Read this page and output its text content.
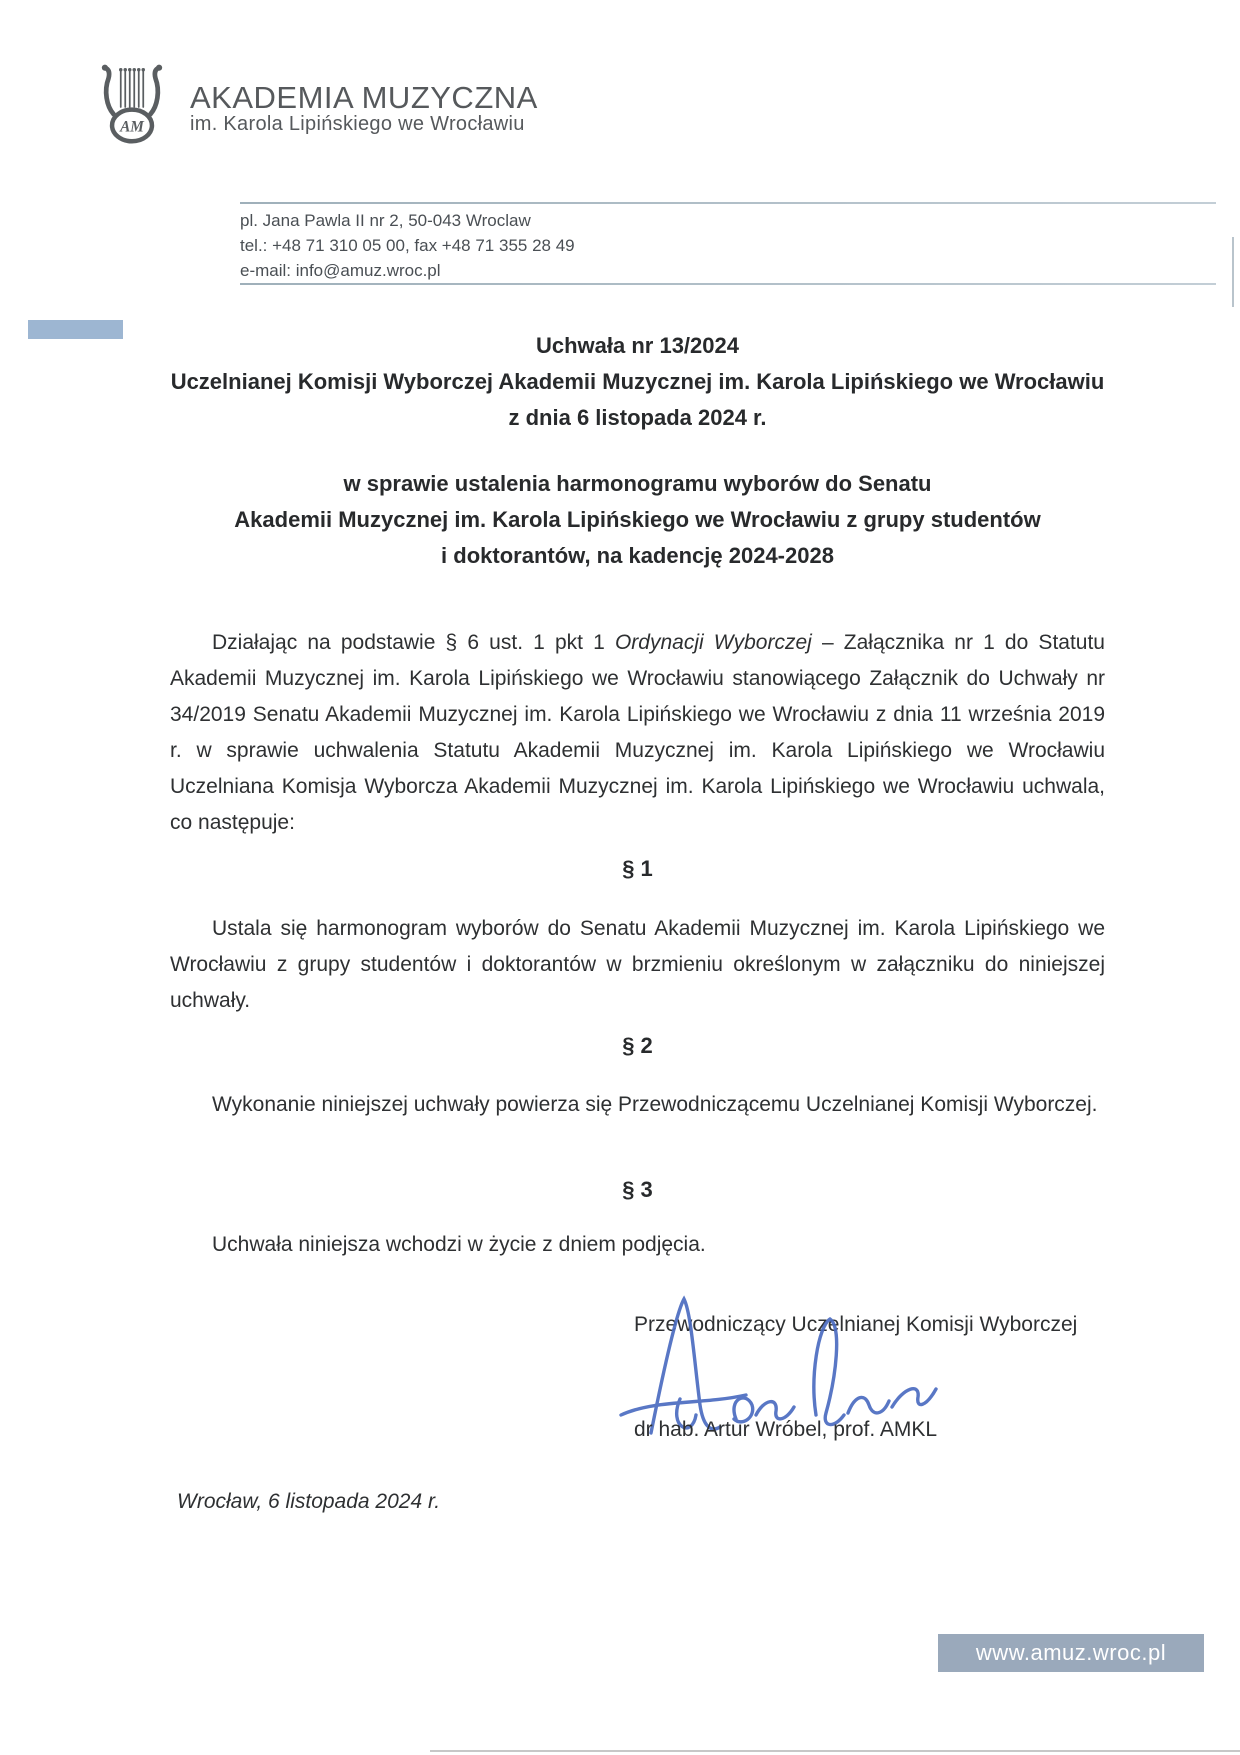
AM
AKADEMIA MUZYCZNA
im. Karola Lipińskiego we Wrocławiu
pl. Jana Pawla II nr 2, 50-043 Wroclaw
tel.: +48 71 310 05 00, fax +48 71 355 28 49
e-mail: info@amuz.wroc.pl
Uchwała nr 13/2024
Uczelnianej Komisji Wyborczej Akademii Muzycznej im. Karola Lipińskiego we Wrocławiu
z dnia 6 listopada 2024 r.
w sprawie ustalenia harmonogramu wyborów do Senatu
Akademii Muzycznej im. Karola Lipińskiego we Wrocławiu z grupy studentów
i doktorantów, na kadencję 2024-2028

Działając na podstawie § 6 ust. 1 pkt 1 Ordynacji Wyborczej – Załącznika nr 1 do Statutu Akademii Muzycznej im. Karola Lipińskiego we Wrocławiu stanowiącego Załącznik do Uchwały nr 34/2019 Senatu Akademii Muzycznej im. Karola Lipińskiego we Wrocławiu z dnia 11 września 2019 r. w sprawie uchwalenia Statutu Akademii Muzycznej im. Karola Lipińskiego we Wrocławiu Uczelniana Komisja Wyborcza Akademii Muzycznej im. Karola Lipińskiego we Wrocławiu uchwala, co następuje:

§ 1

Ustala się harmonogram wyborów do Senatu Akademii Muzycznej im. Karola Lipińskiego we Wrocławiu z grupy studentów i doktorantów w brzmieniu określonym w załączniku do niniejszej uchwały.

§ 2

Wykonanie niniejszej uchwały powierza się Przewodniczącemu Uczelnianej Komisji Wyborczej.

§ 3

Uchwała niniejsza wchodzi w życie z dniem podjęcia.

Przewodniczący Uczelnianej Komisji Wyborczej
dr hab. Artur Wróbel, prof. AMKL
Wrocław, 6 listopada 2024 r.
www.amuz.wroc.pl
